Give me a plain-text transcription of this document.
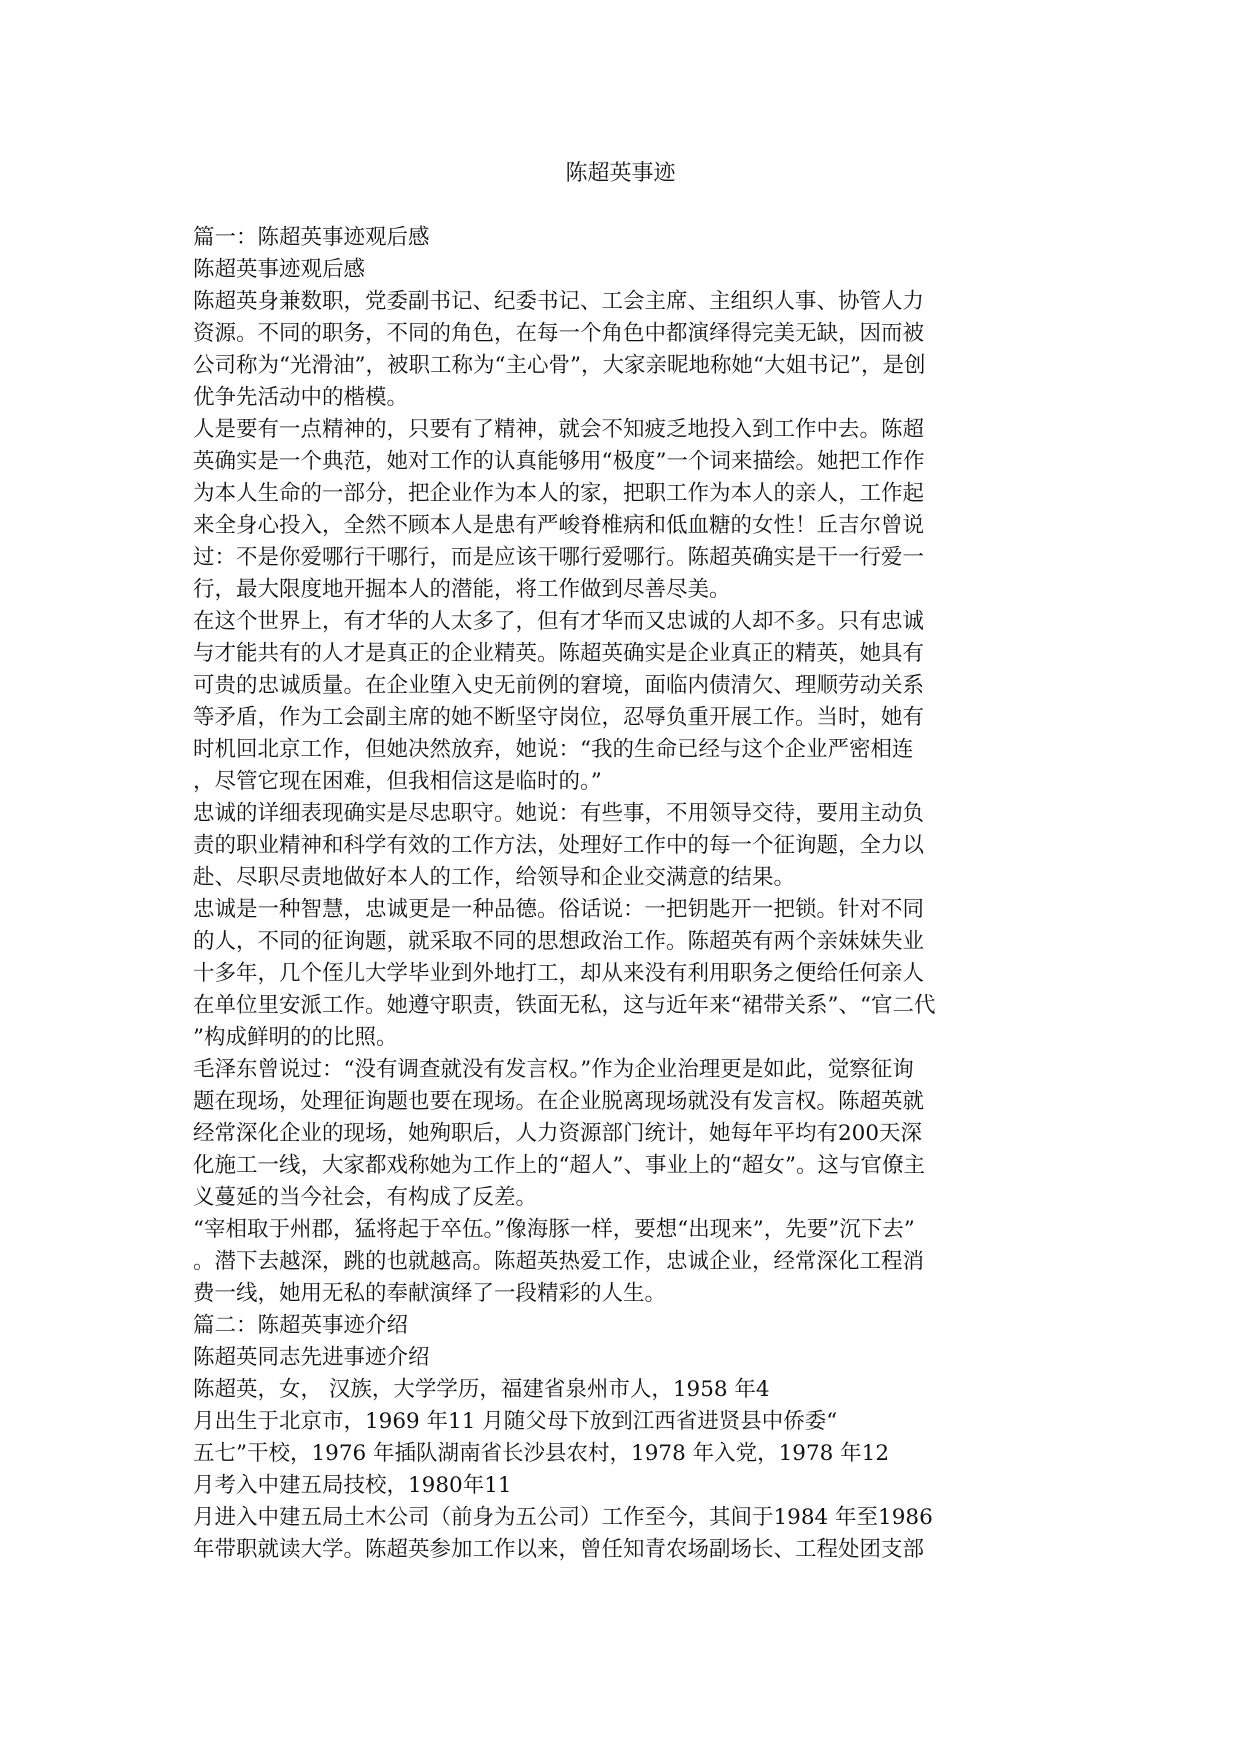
陈超英事迹
篇一：陈超英事迹观后感
陈超英事迹观后感
陈超英身兼数职，党委副书记、纪委书记、工会主席、主组织人事、协管人力
资源。不同的职务，不同的角色，在每一个角色中都演绎得完美无缺，因而被
公司称为“光滑油”，被职工称为“主心骨”，大家亲昵地称她“大姐书记”，是创
优争先活动中的楷模。
人是要有一点精神的，只要有了精神，就会不知疲乏地投入到工作中去。陈超
英确实是一个典范，她对工作的认真能够用“极度”一个词来描绘。她把工作作
为本人生命的一部分，把企业作为本人的家，把职工作为本人的亲人，工作起
来全身心投入，全然不顾本人是患有严峻脊椎病和低血糖的女性！丘吉尔曾说
过：不是你爱哪行干哪行，而是应该干哪行爱哪行。陈超英确实是干一行爱一
行，最大限度地开掘本人的潜能，将工作做到尽善尽美。
在这个世界上，有才华的人太多了，但有才华而又忠诚的人却不多。只有忠诚
与才能共有的人才是真正的企业精英。陈超英确实是企业真正的精英，她具有
可贵的忠诚质量。在企业堕入史无前例的窘境，面临内债清欠、理顺劳动关系
等矛盾，作为工会副主席的她不断坚守岗位，忍辱负重开展工作。当时，她有
时机回北京工作，但她决然放弃，她说：“我的生命已经与这个企业严密相连
，尽管它现在困难，但我相信这是临时的。”
忠诚的详细表现确实是尽忠职守。她说：有些事，不用领导交待，要用主动负
责的职业精神和科学有效的工作方法，处理好工作中的每一个征询题，全力以
赴、尽职尽责地做好本人的工作，给领导和企业交满意的结果。
忠诚是一种智慧，忠诚更是一种品德。俗话说：一把钥匙开一把锁。针对不同
的人，不同的征询题，就采取不同的思想政治工作。陈超英有两个亲妹妹失业
十多年，几个侄儿大学毕业到外地打工，却从来没有利用职务之便给任何亲人
在单位里安派工作。她遵守职责，铁面无私，这与近年来“裙带关系”、“官二代
”构成鲜明的的比照。
毛泽东曾说过：“没有调查就没有发言权。”作为企业治理更是如此，觉察征询
题在现场，处理征询题也要在现场。在企业脱离现场就没有发言权。陈超英就
经常深化企业的现场，她殉职后，人力资源部门统计，她每年平均有200天深
化施工一线，大家都戏称她为工作上的“超人”、事业上的“超女”。这与官僚主
义蔓延的当今社会，有构成了反差。
“宰相取于州郡，猛将起于卒伍。”像海豚一样，要想“出现来”，先要”沉下去”
。潜下去越深，跳的也就越高。陈超英热爱工作，忠诚企业，经常深化工程消
费一线，她用无私的奉献演绎了一段精彩的人生。
篇二：陈超英事迹介绍
陈超英同志先进事迹介绍
陈超英，女， 汉族，大学学历，福建省泉州市人，1958 年4
月出生于北京市，1969 年11 月随父母下放到江西省进贤县中侨委“
五七”干校，1976 年插队湖南省长沙县农村，1978 年入党，1978 年12
月考入中建五局技校，1980年11
月进入中建五局土木公司（前身为五公司）工作至今，其间于1984 年至1986
年带职就读大学。陈超英参加工作以来，曾任知青农场副场长、工程处团支部
